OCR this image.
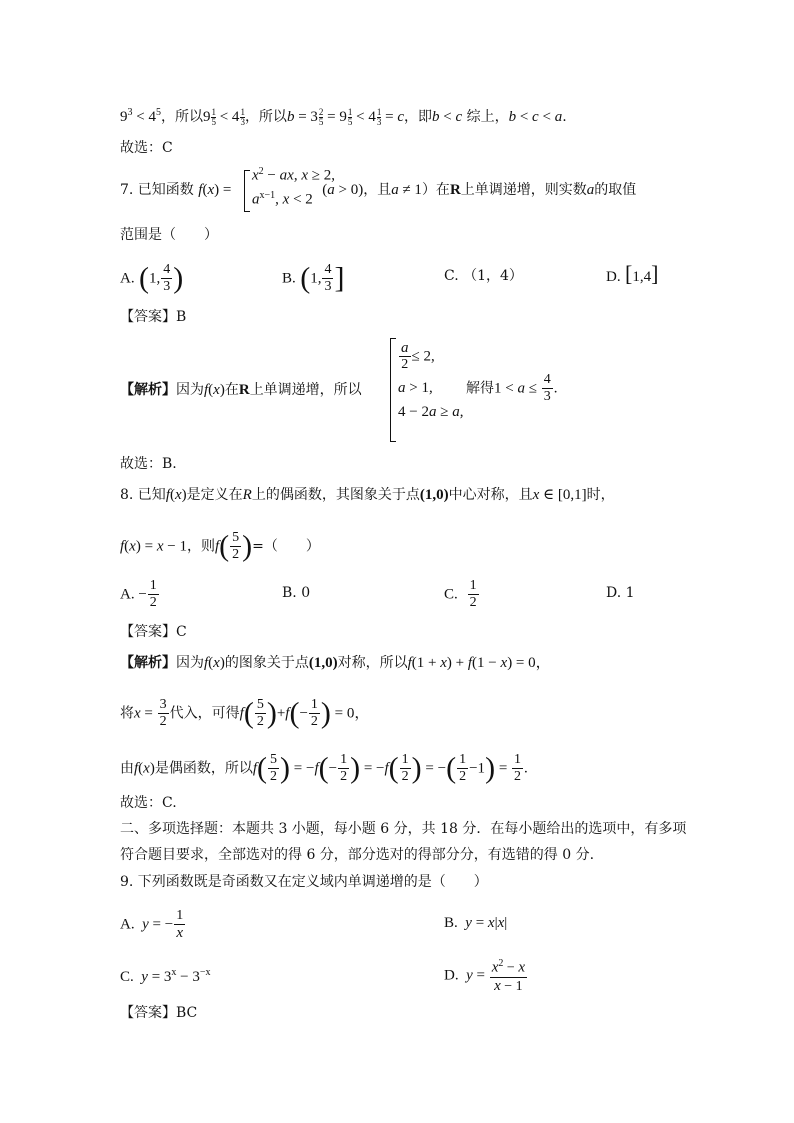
$9^3 < 4^5$，所以$9 \frac{1}{5} < 4 \frac{1}{3}$ ，所以$b = 3 \frac{2}{5} = 9 \frac{1}{5} < 4 \frac{1}{3} = c$，即b < c 综上，b < c < a.
故选：C
7. 已知函数 f(x) =	(a > 0)，且a ≠ 1）在R上单调递增，则实数a的取值
$x^2$ − ax, x ≥ 2,
$a^{x-1}$, x < 2
范围是（　　）
A. (1, $\frac{4}{3}$ )	B. (1, $\frac{4}{3}$ ]	C. （1，4）	D. [1,4]
【答案】B
【解析】因为f(x)在R上单调递增，所以
$\frac{a}{2} \le 2$,
a > 1,
4 − 2a ≥ a,
解得$1 < a \le \frac{4}{3}$ .
故选：B.
8. 已知f(x)是定义在R上的偶函数，其图象关于点(1,0)中心对称，且x ∈ [0,1]时，
f(x) = x − 1，则$f( \frac{5}{2}$ )=（　　）
A. − $\frac{1}{2}$	B. 0	C. $\frac{1}{2}$	D. 1
【答案】C
【解析】因为f(x)的图象关于点(1,0)对称，所以f(1 + x) + f(1 − x) = 0，
将$x = \frac{3}{2}$ 代入，可得$f( \frac{5}{2} )+f(- \frac{1}{2}$ ) = 0，
由f(x)是偶函数，所以$f( \frac{5}{2}$ ) = $-f(- \frac{1}{2}$ ) = $-f( \frac{1}{2}$ ) = −( $\frac{1}{2} -1) = \frac{1}{2}$ .
故选：C.
二、多项选择题：本题共 3 小题，每小题 6 分，共 18 分．在每小题给出的选项中，有多项
符合题目要求，全部选对的得 6 分，部分选对的得部分分，有选错的得 0 分.
9. 下列函数既是奇函数又在定义域内单调递增的是（　　）
A.  y = − $\frac{1}{x}$	B.  y = x|x|
C.  $y = 3^x - 3^{-x}$	D.  $y = \frac{x^2 - x}{x - 1}$
【答案】BC
